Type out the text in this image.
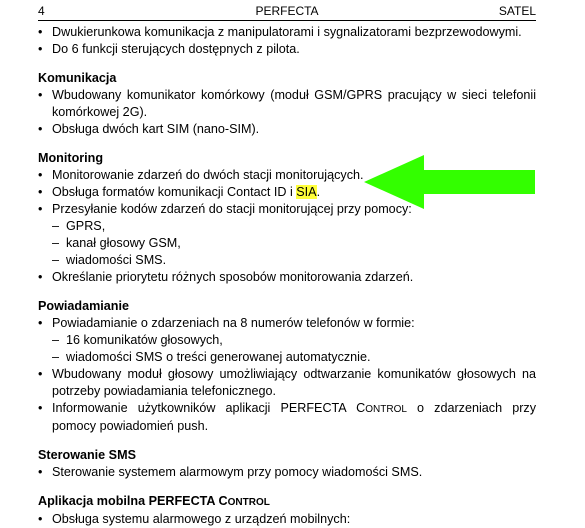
4	PERFECTA	SATEL
• Dwukierunkowa komunikacja z manipulatorami i sygnalizatorami bezprzewodowymi.
• Do 6 funkcji sterujących dostępnych z pilota.
Komunikacja
• Wbudowany komunikator komórkowy (moduł GSM/GPRS pracujący w sieci telefonii komórkowej 2G).
• Obsługa dwóch kart SIM (nano-SIM).
Monitoring
• Monitorowanie zdarzeń do dwóch stacji monitorujących.
• Obsługa formatów komunikacji Contact ID i SIA.
• Przesyłanie kodów zdarzeń do stacji monitorującej przy pomocy:
– GPRS,
– kanał głosowy GSM,
– wiadomości SMS.
• Określanie priorytetu różnych sposobów monitorowania zdarzeń.
Powiadamianie
• Powiadamianie o zdarzeniach na 8 numerów telefonów w formie:
– 16 komunikatów głosowych,
– wiadomości SMS o treści generowanej automatycznie.
• Wbudowany moduł głosowy umożliwiający odtwarzanie komunikatów głosowych na potrzeby powiadamiania telefonicznego.
• Informowanie użytkowników aplikacji PERFECTA CONTROL o zdarzeniach przy pomocy powiadomień push.
Sterowanie SMS
• Sterowanie systemem alarmowym przy pomocy wiadomości SMS.
Aplikacja mobilna PERFECTA CONTROL
• Obsługa systemu alarmowego z urządzeń mobilnych:
